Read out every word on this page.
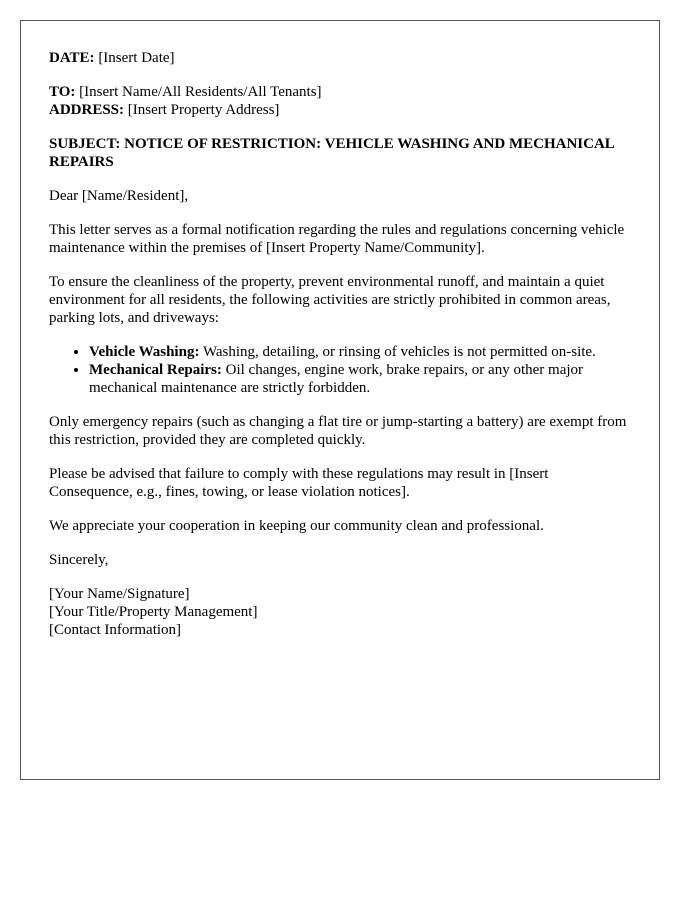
DATE: [Insert Date]
TO: [Insert Name/All Residents/All Tenants]
ADDRESS: [Insert Property Address]
SUBJECT: NOTICE OF RESTRICTION: VEHICLE WASHING AND MECHANICAL REPAIRS

Dear [Name/Resident],

This letter serves as a formal notification regarding the rules and regulations concerning vehicle maintenance within the premises of [Insert Property Name/Community].

To ensure the cleanliness of the property, prevent environmental runoff, and maintain a quiet environment for all residents, the following activities are strictly prohibited in common areas, parking lots, and driveways:

• Vehicle Washing: Washing, detailing, or rinsing of vehicles is not permitted on-site.
• Mechanical Repairs: Oil changes, engine work, brake repairs, or any other major mechanical maintenance are strictly forbidden.

Only emergency repairs (such as changing a flat tire or jump-starting a battery) are exempt from this restriction, provided they are completed quickly.

Please be advised that failure to comply with these regulations may result in [Insert Consequence, e.g., fines, towing, or lease violation notices].

We appreciate your cooperation in keeping our community clean and professional.

Sincerely,

[Your Name/Signature]
[Your Title/Property Management]
[Contact Information]
